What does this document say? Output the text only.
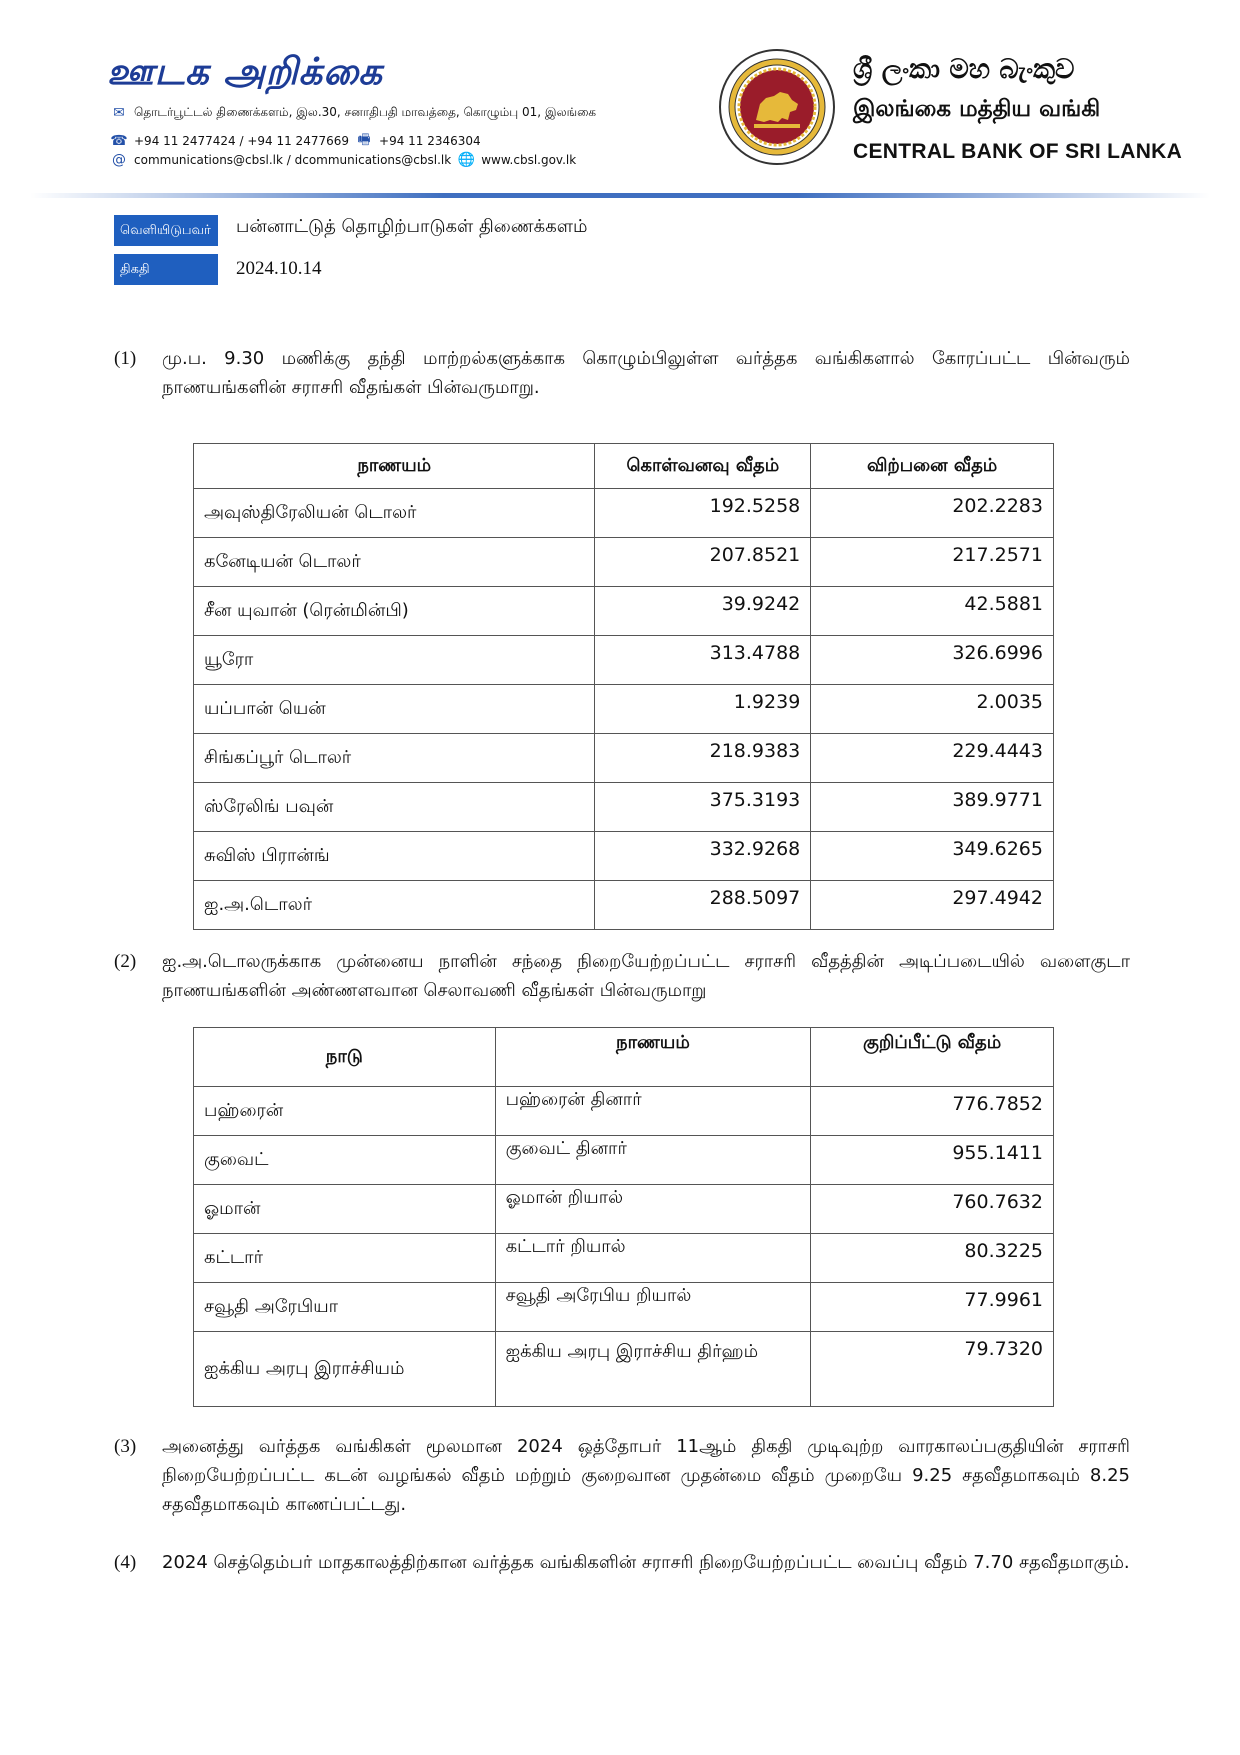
ஊடக அறிக்கை
✉ தொடர்பூட்டல் திணைக்களம், இல.30, சனாதிபதி மாவத்தை, கொழும்பு 01, இலங்கை
☎ +94 11 2477424 / +94 11 2477669 🖷 +94 11 2346304
@ communications@cbsl.lk / dcommunications@cbsl.lk 🌐 www.cbsl.gov.lk
ශ්‍රී ලංකා මහ බැංකුව
இலங்கை மத்திய வங்கி
CENTRAL BANK OF SRI LANKA
வெளியிடுபவர்	பன்னாட்டுத் தொழிற்பாடுகள் திணைக்களம்
திகதி	2024.10.14
(1) மு.ப. 9.30 மணிக்கு தந்தி மாற்றல்களுக்காக கொழும்பிலுள்ள வர்த்தக வங்கிகளால் கோரப்பட்ட பின்வரும் நாணயங்களின் சராசரி வீதங்கள் பின்வருமாறு.
நாணயம்	கொள்வனவு வீதம்	விற்பனை வீதம்
அவுஸ்திரேலியன் டொலர்	192.5258	202.2283
கனேடியன் டொலர்	207.8521	217.2571
சீன யுவான் (ரென்மின்பி)	39.9242	42.5881
யூரோ	313.4788	326.6996
யப்பான் யென்	1.9239	2.0035
சிங்கப்பூர் டொலர்	218.9383	229.4443
ஸ்ரேலிங் பவுன்	375.3193	389.9771
சுவிஸ் பிரான்ங்	332.9268	349.6265
ஐ.அ.டொலர்	288.5097	297.4942
(2) ஐ.அ.டொலருக்காக முன்னைய நாளின் சந்தை நிறையேற்றப்பட்ட சராசரி வீதத்தின் அடிப்படையில் வளைகுடா நாணயங்களின் அண்ணளவான செலாவணி வீதங்கள் பின்வருமாறு
நாடு	நாணயம்	குறிப்பீட்டு வீதம்
பஹ்ரைன்	பஹ்ரைன் தினார்	776.7852
குவைட்	குவைட் தினார்	955.1411
ஓமான்	ஓமான் றியால்	760.7632
கட்டார்	கட்டார் றியால்	80.3225
சவூதி அரேபியா	சவூதி அரேபிய றியால்	77.9961
ஐக்கிய அரபு இராச்சியம்	ஐக்கிய அரபு இராச்சிய திர்ஹம்	79.7320
(3) அனைத்து வர்த்தக வங்கிகள் மூலமான 2024 ஒத்தோபர் 11ஆம் திகதி முடிவுற்ற வாரகாலப்பகுதியின் சராசரி நிறையேற்றப்பட்ட கடன் வழங்கல் வீதம் மற்றும் குறைவான முதன்மை வீதம் முறையே 9.25 சதவீதமாகவும் 8.25 சதவீதமாகவும் காணப்பட்டது.
(4) 2024 செத்தெம்பர் மாதகாலத்திற்கான வர்த்தக வங்கிகளின் சராசரி நிறையேற்றப்பட்ட வைப்பு வீதம் 7.70 சதவீதமாகும்.
